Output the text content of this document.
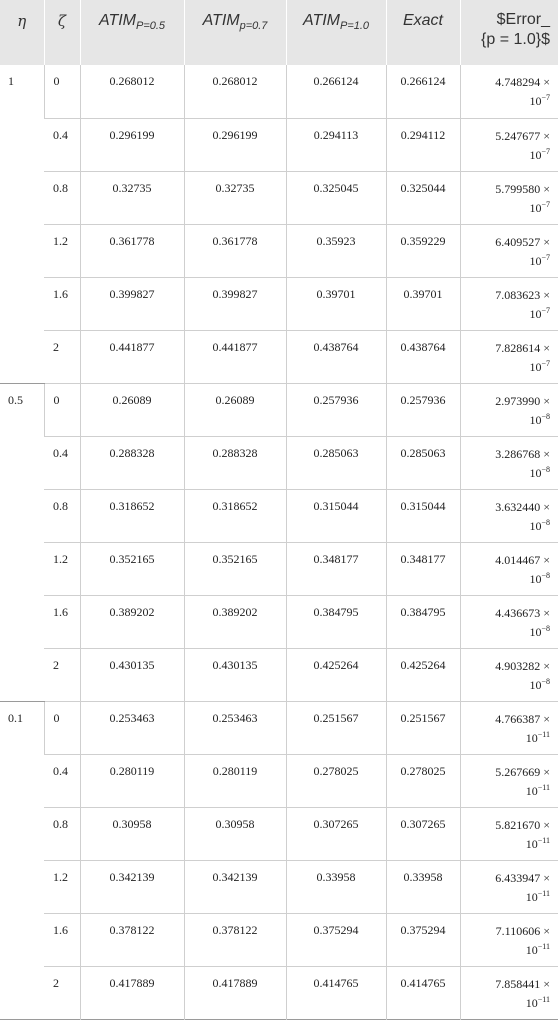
η	ζ	$ATIM_{P=0.5}$	$ATIM_{p=0.7}$	$ATIM_{P=1.0}$	Exact	$Error_
{p = 1.0}$

1	0	0.268012	0.268012	0.266124	0.266124	4.748294 ×
$10^{-7}$
	0.4	0.296199	0.296199	0.294113	0.294112	5.247677 ×
$10^{-7}$
	0.8	0.32735	0.32735	0.325045	0.325044	5.799580 ×
$10^{-7}$
	1.2	0.361778	0.361778	0.35923	0.359229	6.409527 ×
$10^{-7}$
	1.6	0.399827	0.399827	0.39701	0.39701	7.083623 ×
$10^{-7}$
	2	0.441877	0.441877	0.438764	0.438764	7.828614 ×
$10^{-7}$
0.5	0	0.26089	0.26089	0.257936	0.257936	2.973990 ×
$10^{-8}$
	0.4	0.288328	0.288328	0.285063	0.285063	3.286768 ×
$10^{-8}$
	0.8	0.318652	0.318652	0.315044	0.315044	3.632440 ×
$10^{-8}$
	1.2	0.352165	0.352165	0.348177	0.348177	4.014467 ×
$10^{-8}$
	1.6	0.389202	0.389202	0.384795	0.384795	4.436673 ×
$10^{-8}$
	2	0.430135	0.430135	0.425264	0.425264	4.903282 ×
$10^{-8}$
0.1	0	0.253463	0.253463	0.251567	0.251567	4.766387 ×
$10^{-11}$
	0.4	0.280119	0.280119	0.278025	0.278025	5.267669 ×
$10^{-11}$
	0.8	0.30958	0.30958	0.307265	0.307265	5.821670 ×
$10^{-11}$
	1.2	0.342139	0.342139	0.33958	0.33958	6.433947 ×
$10^{-11}$
	1.6	0.378122	0.378122	0.375294	0.375294	7.110606 ×
$10^{-11}$
	2	0.417889	0.417889	0.414765	0.414765	7.858441 ×
$10^{-11}$
